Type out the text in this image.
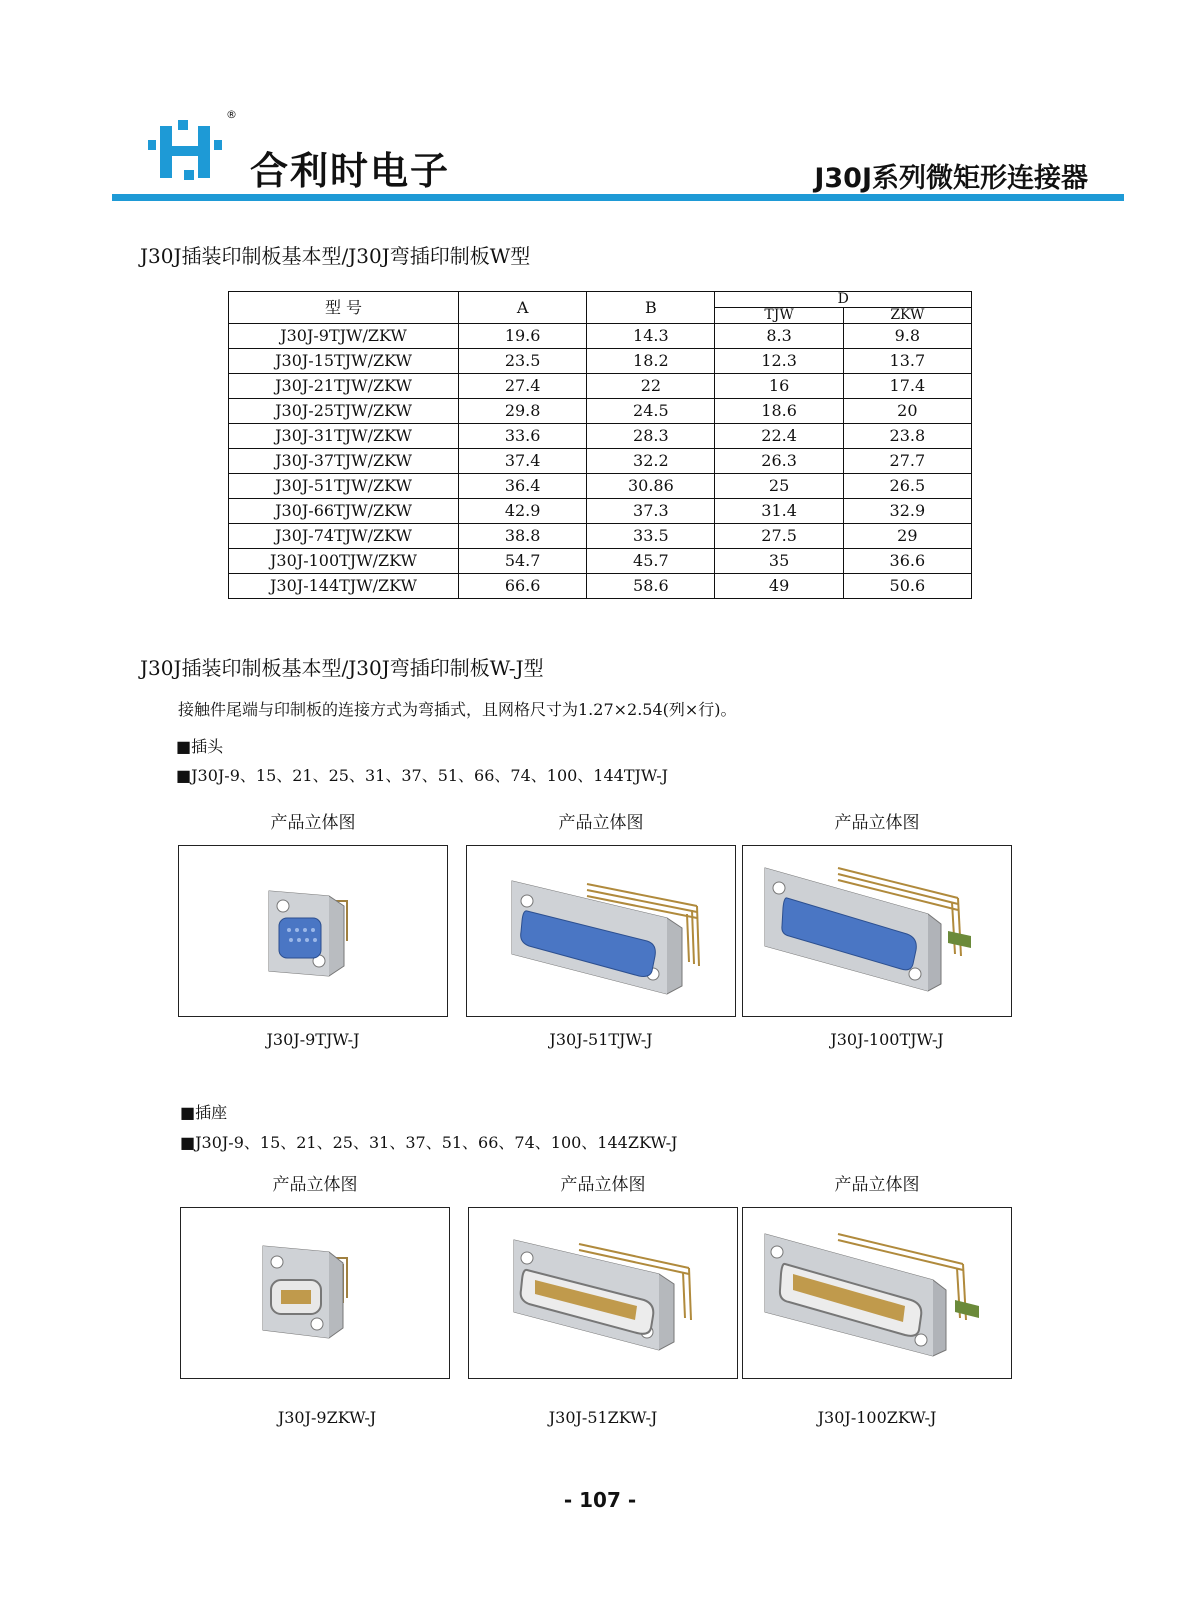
®
合利时电子	J30J系列微矩形连接器
J30J插装印制板基本型/J30J弯插印制板W型
型 号	A	B	D	
			TJW	ZKW
J30J-9TJW/ZKW	19.6	14.3	8.3	9.8
J30J-15TJW/ZKW	23.5	18.2	12.3	13.7
J30J-21TJW/ZKW	27.4	22	16	17.4
J30J-25TJW/ZKW	29.8	24.5	18.6	20
J30J-31TJW/ZKW	33.6	28.3	22.4	23.8
J30J-37TJW/ZKW	37.4	32.2	26.3	27.7
J30J-51TJW/ZKW	36.4	30.86	25	26.5
J30J-66TJW/ZKW	42.9	37.3	31.4	32.9
J30J-74TJW/ZKW	38.8	33.5	27.5	29
J30J-100TJW/ZKW	54.7	45.7	35	36.6
J30J-144TJW/ZKW	66.6	58.6	49	50.6
J30J插装印制板基本型/J30J弯插印制板W-J型
接触件尾端与印制板的连接方式为弯插式，且网格尺寸为1.27×2.54(列×行)。
■插头
■J30J-9、15、21、25、31、37、51、66、74、100、144TJW-J
产品立体图	产品立体图	产品立体图
J30J-9TJW-J	J30J-51TJW-J	J30J-100TJW-J
■插座
■J30J-9、15、21、25、31、37、51、66、74、100、144ZKW-J
产品立体图	产品立体图	产品立体图
J30J-9ZKW-J	J30J-51ZKW-J	J30J-100ZKW-J
- 107 -
